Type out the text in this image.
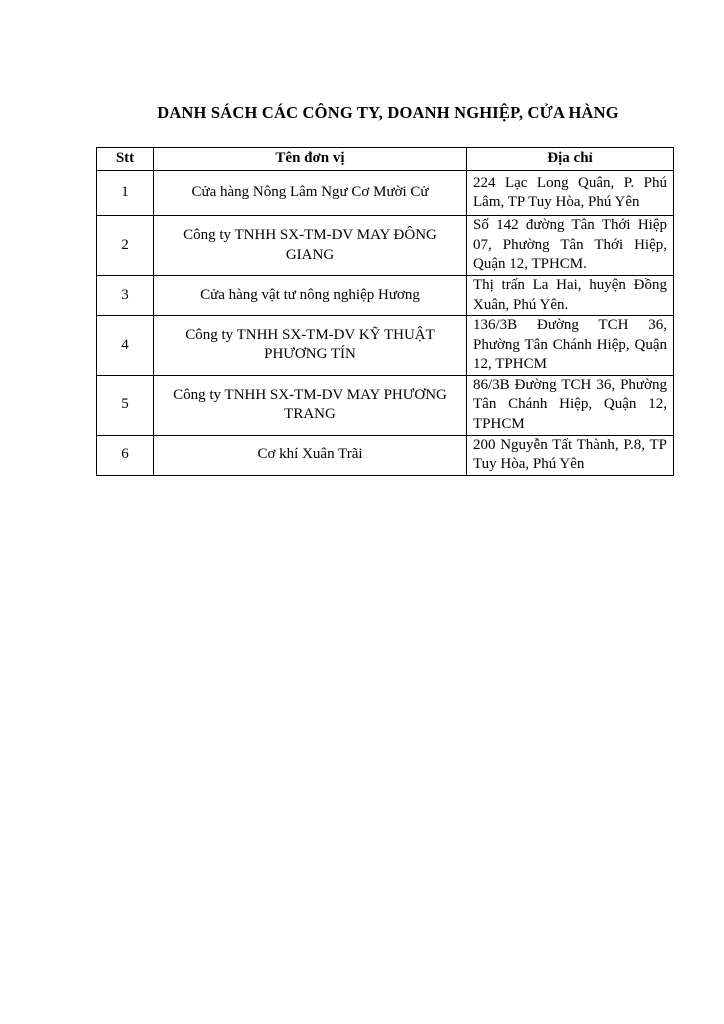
DANH SÁCH CÁC CÔNG TY, DOANH NGHIỆP, CỬA HÀNG
Stt	Tên đơn vị	Địa chỉ
1	Cửa hàng Nông Lâm Ngư Cơ Mười Cử	224 Lạc Long Quân, P. Phú Lâm, TP Tuy Hòa, Phú Yên
2	Công ty TNHH SX-TM-DV MAY ĐÔNG GIANG	Số 142 đường Tân Thới Hiệp 07, Phường Tân Thới Hiệp, Quận 12, TPHCM.
3	Cửa hàng vật tư nông nghiệp Hương	Thị trấn La Hai, huyện Đồng Xuân, Phú Yên.
4	Công ty TNHH SX-TM-DV KỸ THUẬT PHƯƠNG TÍN	136/3B Đường TCH 36, Phường Tân Chánh Hiệp, Quận 12, TPHCM
5	Công ty TNHH SX-TM-DV MAY PHƯƠNG TRANG	86/3B Đường TCH 36, Phường Tân Chánh Hiệp, Quận 12, TPHCM
6	Cơ khí Xuân Trãi	200 Nguyễn Tất Thành, P.8, TP Tuy Hòa, Phú Yên
